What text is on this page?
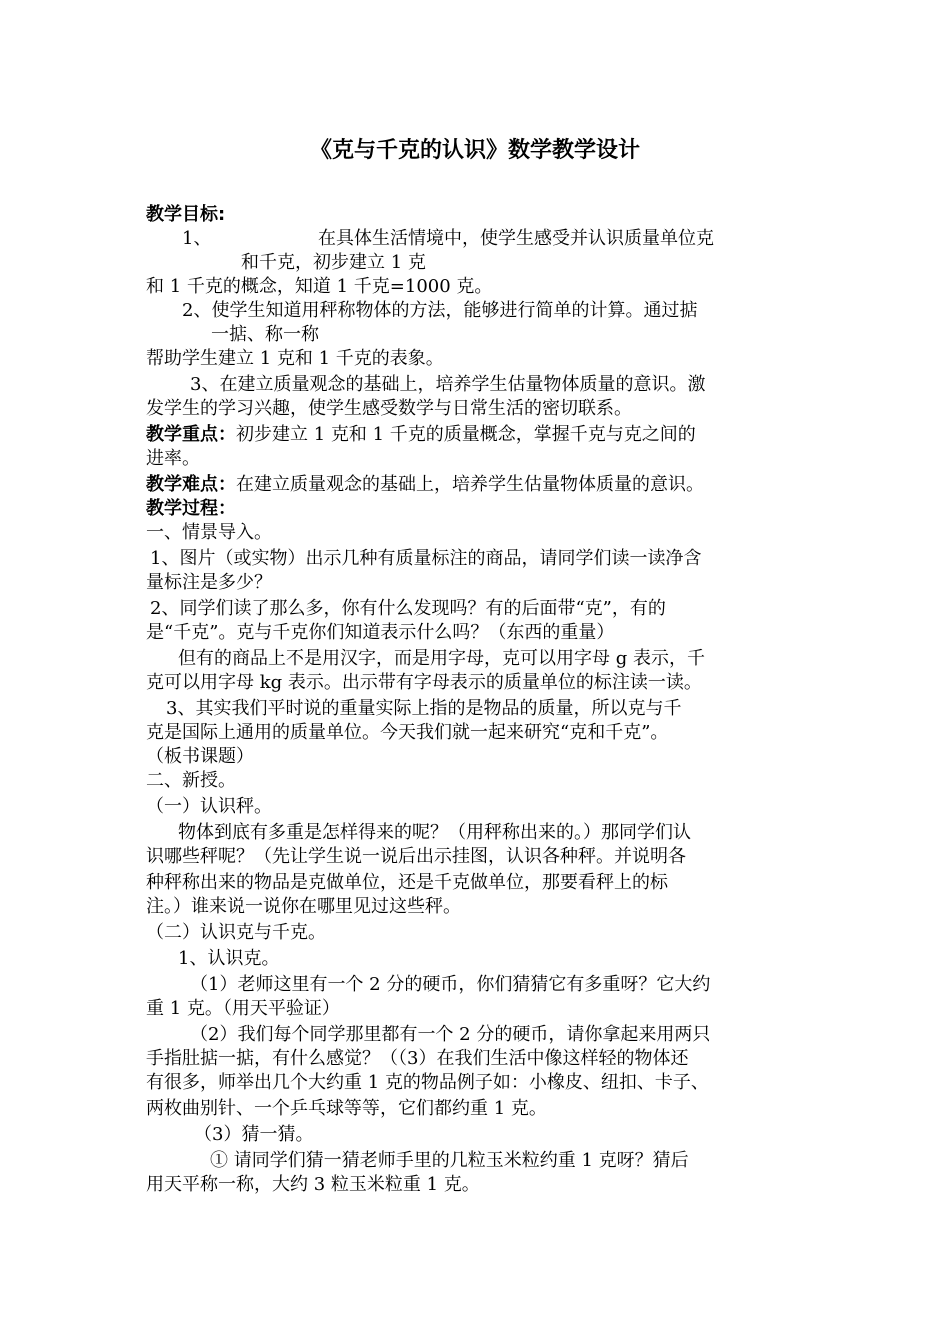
《克与千克的认识》数学教学设计
教学目标:
1、	在具体生活情境中，使学生感受并认识质量单位克
和千克，初步建立 1 克
和 1 千克的概念，知道 1 千克=1000 克。
2、使学生知道用秤称物体的方法，能够进行简单的计算。通过掂
一掂、称一称
帮助学生建立 1 克和 1 千克的表象。
3、在建立质量观念的基础上，培养学生估量物体质量的意识。激
发学生的学习兴趣，使学生感受数学与日常生活的密切联系。
教学重点：初步建立 1 克和 1 千克的质量概念，掌握千克与克之间的
进率。
教学难点：在建立质量观念的基础上，培养学生估量物体质量的意识。
教学过程：
一、情景导入。
1、图片（或实物）出示几种有质量标注的商品，请同学们读一读净含
量标注是多少？
2、同学们读了那么多，你有什么发现吗？有的后面带“克”，有的
是“千克”。克与千克你们知道表示什么吗？（东西的重量）
但有的商品上不是用汉字，而是用字母，克可以用字母 g 表示，千
克可以用字母 kg 表示。出示带有字母表示的质量单位的标注读一读。
3、其实我们平时说的重量实际上指的是物品的质量，所以克与千
克是国际上通用的质量单位。今天我们就一起来研究“克和千克”。
（板书课题）
二、新授。
（一）认识秤。
物体到底有多重是怎样得来的呢？（用秤称出来的。）那同学们认
识哪些秤呢？（先让学生说一说后出示挂图，认识各种秤。并说明各
种秤称出来的物品是克做单位，还是千克做单位，那要看秤上的标
注。）谁来说一说你在哪里见过这些秤。
（二）认识克与千克。
1、认识克。
（1）老师这里有一个 2 分的硬币，你们猜猜它有多重呀？它大约
重 1 克。（用天平验证）
（2）我们每个同学那里都有一个 2 分的硬币，请你拿起来用两只
手指肚掂一掂，有什么感觉？（（3）在我们生活中像这样轻的物体还
有很多，师举出几个大约重 1 克的物品例子如：小橡皮、纽扣、卡子、
两枚曲别针、一个乒乓球等等，它们都约重 1 克。
（3）猜一猜。
① 请同学们猜一猜老师手里的几粒玉米粒约重 1 克呀？猜后
用天平称一称，大约 3 粒玉米粒重 1 克。
